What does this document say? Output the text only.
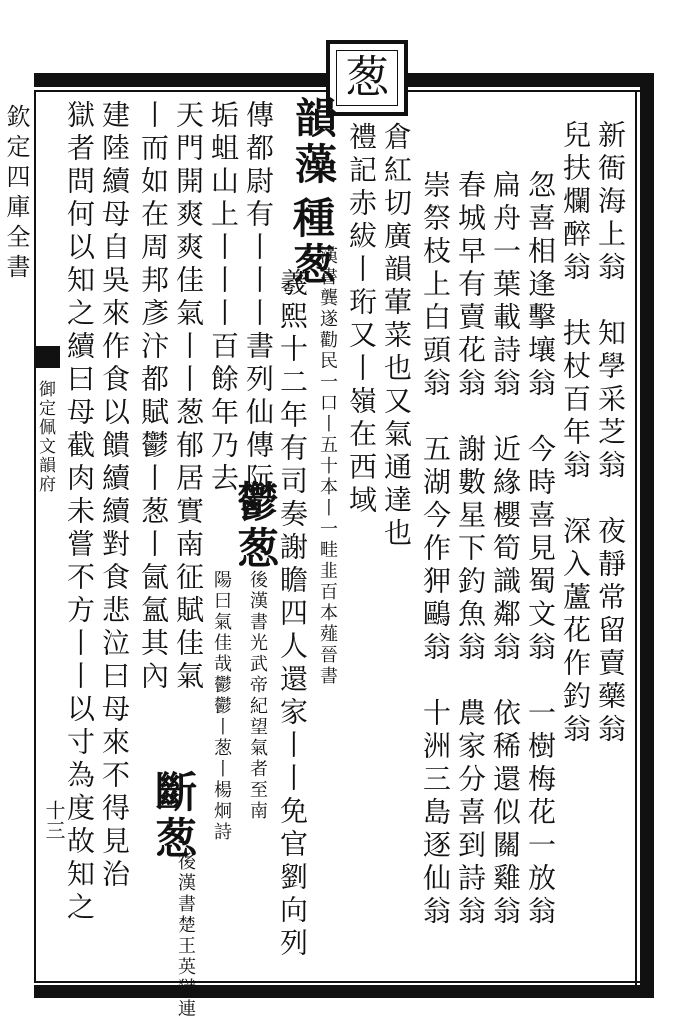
葱
欽定四庫全書
御定佩文韻府
十三
新衙海上翁　知學采芝翁　夜靜常留賣藥翁
兒扶爛醉翁　扶杖百年翁　深入蘆花作釣翁
忽喜相逢擊壤翁　今時喜見蜀文翁　一樹梅花一放翁
扁舟一葉載詩翁　近緣櫻筍識鄰翁　依稀還似關雞翁
春城早有賣花翁　謝數星下釣魚翁　農家分喜到詩翁
崇祭枝上白頭翁　五湖今作狎鷗翁　十洲三島逐仙翁
倉紅切廣韻葷菜也又氣通達也
禮記赤紱丨珩又丨嶺在西域
韻藻
種葱
漢書龔遂勸民一口丨五十本丨一畦韭百本薤晉書
羲熙十二年有司奏謝瞻四人還家丨丨免官劉向列
傳都尉有丨丨丨書列仙傳阮
鬱葱
後漢書光武帝紀望氣者至南
垢蛆山上丨丨丨百餘年乃去
陽曰氣佳哉鬱鬱丨葱丨楊炯詩
天門開爽爽佳氣丨丨葱郁居實南征賦佳氣
丨而如在周邦彥汴都賦鬱丨葱丨氤氳其內
斷葱
後漢書楚王英獄連
建陸續母自吳來作食以饋續續對食悲泣曰母來不得見治
獄者問何以知之續曰母截肉未嘗不方丨丨以寸為度故知之
